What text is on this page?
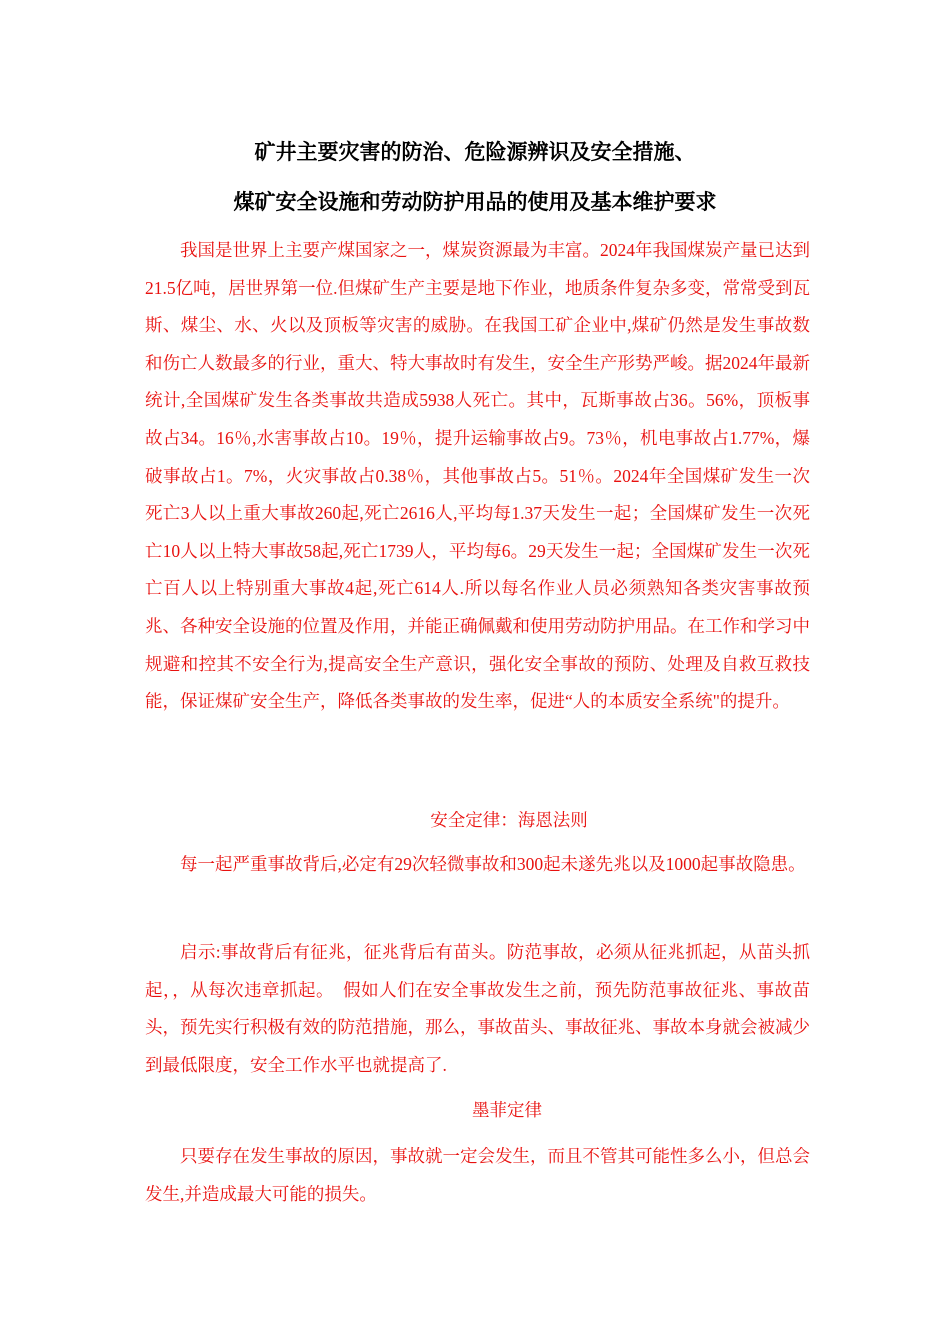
矿井主要灾害的防治、危险源辨识及安全措施、
煤矿安全设施和劳动防护用品的使用及基本维护要求

我国是世界上主要产煤国家之一，煤炭资源最为丰富。2024年我国煤炭产量已达到21.5亿吨，居世界第一位.但煤矿生产主要是地下作业，地质条件复杂多变，常常受到瓦斯、煤尘、水、火以及顶板等灾害的威胁。在我国工矿企业中,煤矿仍然是发生事故数和伤亡人数最多的行业，重大、特大事故时有发生，安全生产形势严峻。据2024年最新统计,全国煤矿发生各类事故共造成5938人死亡。其中，瓦斯事故占36。56%，顶板事故占34。16％,水害事故占10。19％，提升运输事故占9。73％，机电事故占1.77%，爆破事故占1。7%，火灾事故占0.38％，其他事故占5。51％。2024年全国煤矿发生一次死亡3人以上重大事故260起,死亡2616人,平均每1.37天发生一起；全国煤矿发生一次死亡10人以上特大事故58起,死亡1739人，平均每6。29天发生一起；全国煤矿发生一次死亡百人以上特别重大事故4起,死亡614人.所以每名作业人员必须熟知各类灾害事故预兆、各种安全设施的位置及作用，并能正确佩戴和使用劳动防护用品。在工作和学习中规避和控其不安全行为,提高安全生产意识，强化安全事故的预防、处理及自救互救技能，保证煤矿安全生产，降低各类事故的发生率，促进“人的本质安全系统"的提升。

安全定律：海恩法则

每一起严重事故背后,必定有29次轻微事故和300起未遂先兆以及1000起事故隐患。

启示:事故背后有征兆，征兆背后有苗头。防范事故，必须从征兆抓起，从苗头抓起，，从每次违章抓起。　假如人们在安全事故发生之前，预先防范事故征兆、事故苗头，预先实行积极有效的防范措施，那么，事故苗头、事故征兆、事故本身就会被减少到最低限度，安全工作水平也就提高了.

墨菲定律

只要存在发生事故的原因，事故就一定会发生，而且不管其可能性多么小，但总会发生,并造成最大可能的损失。
